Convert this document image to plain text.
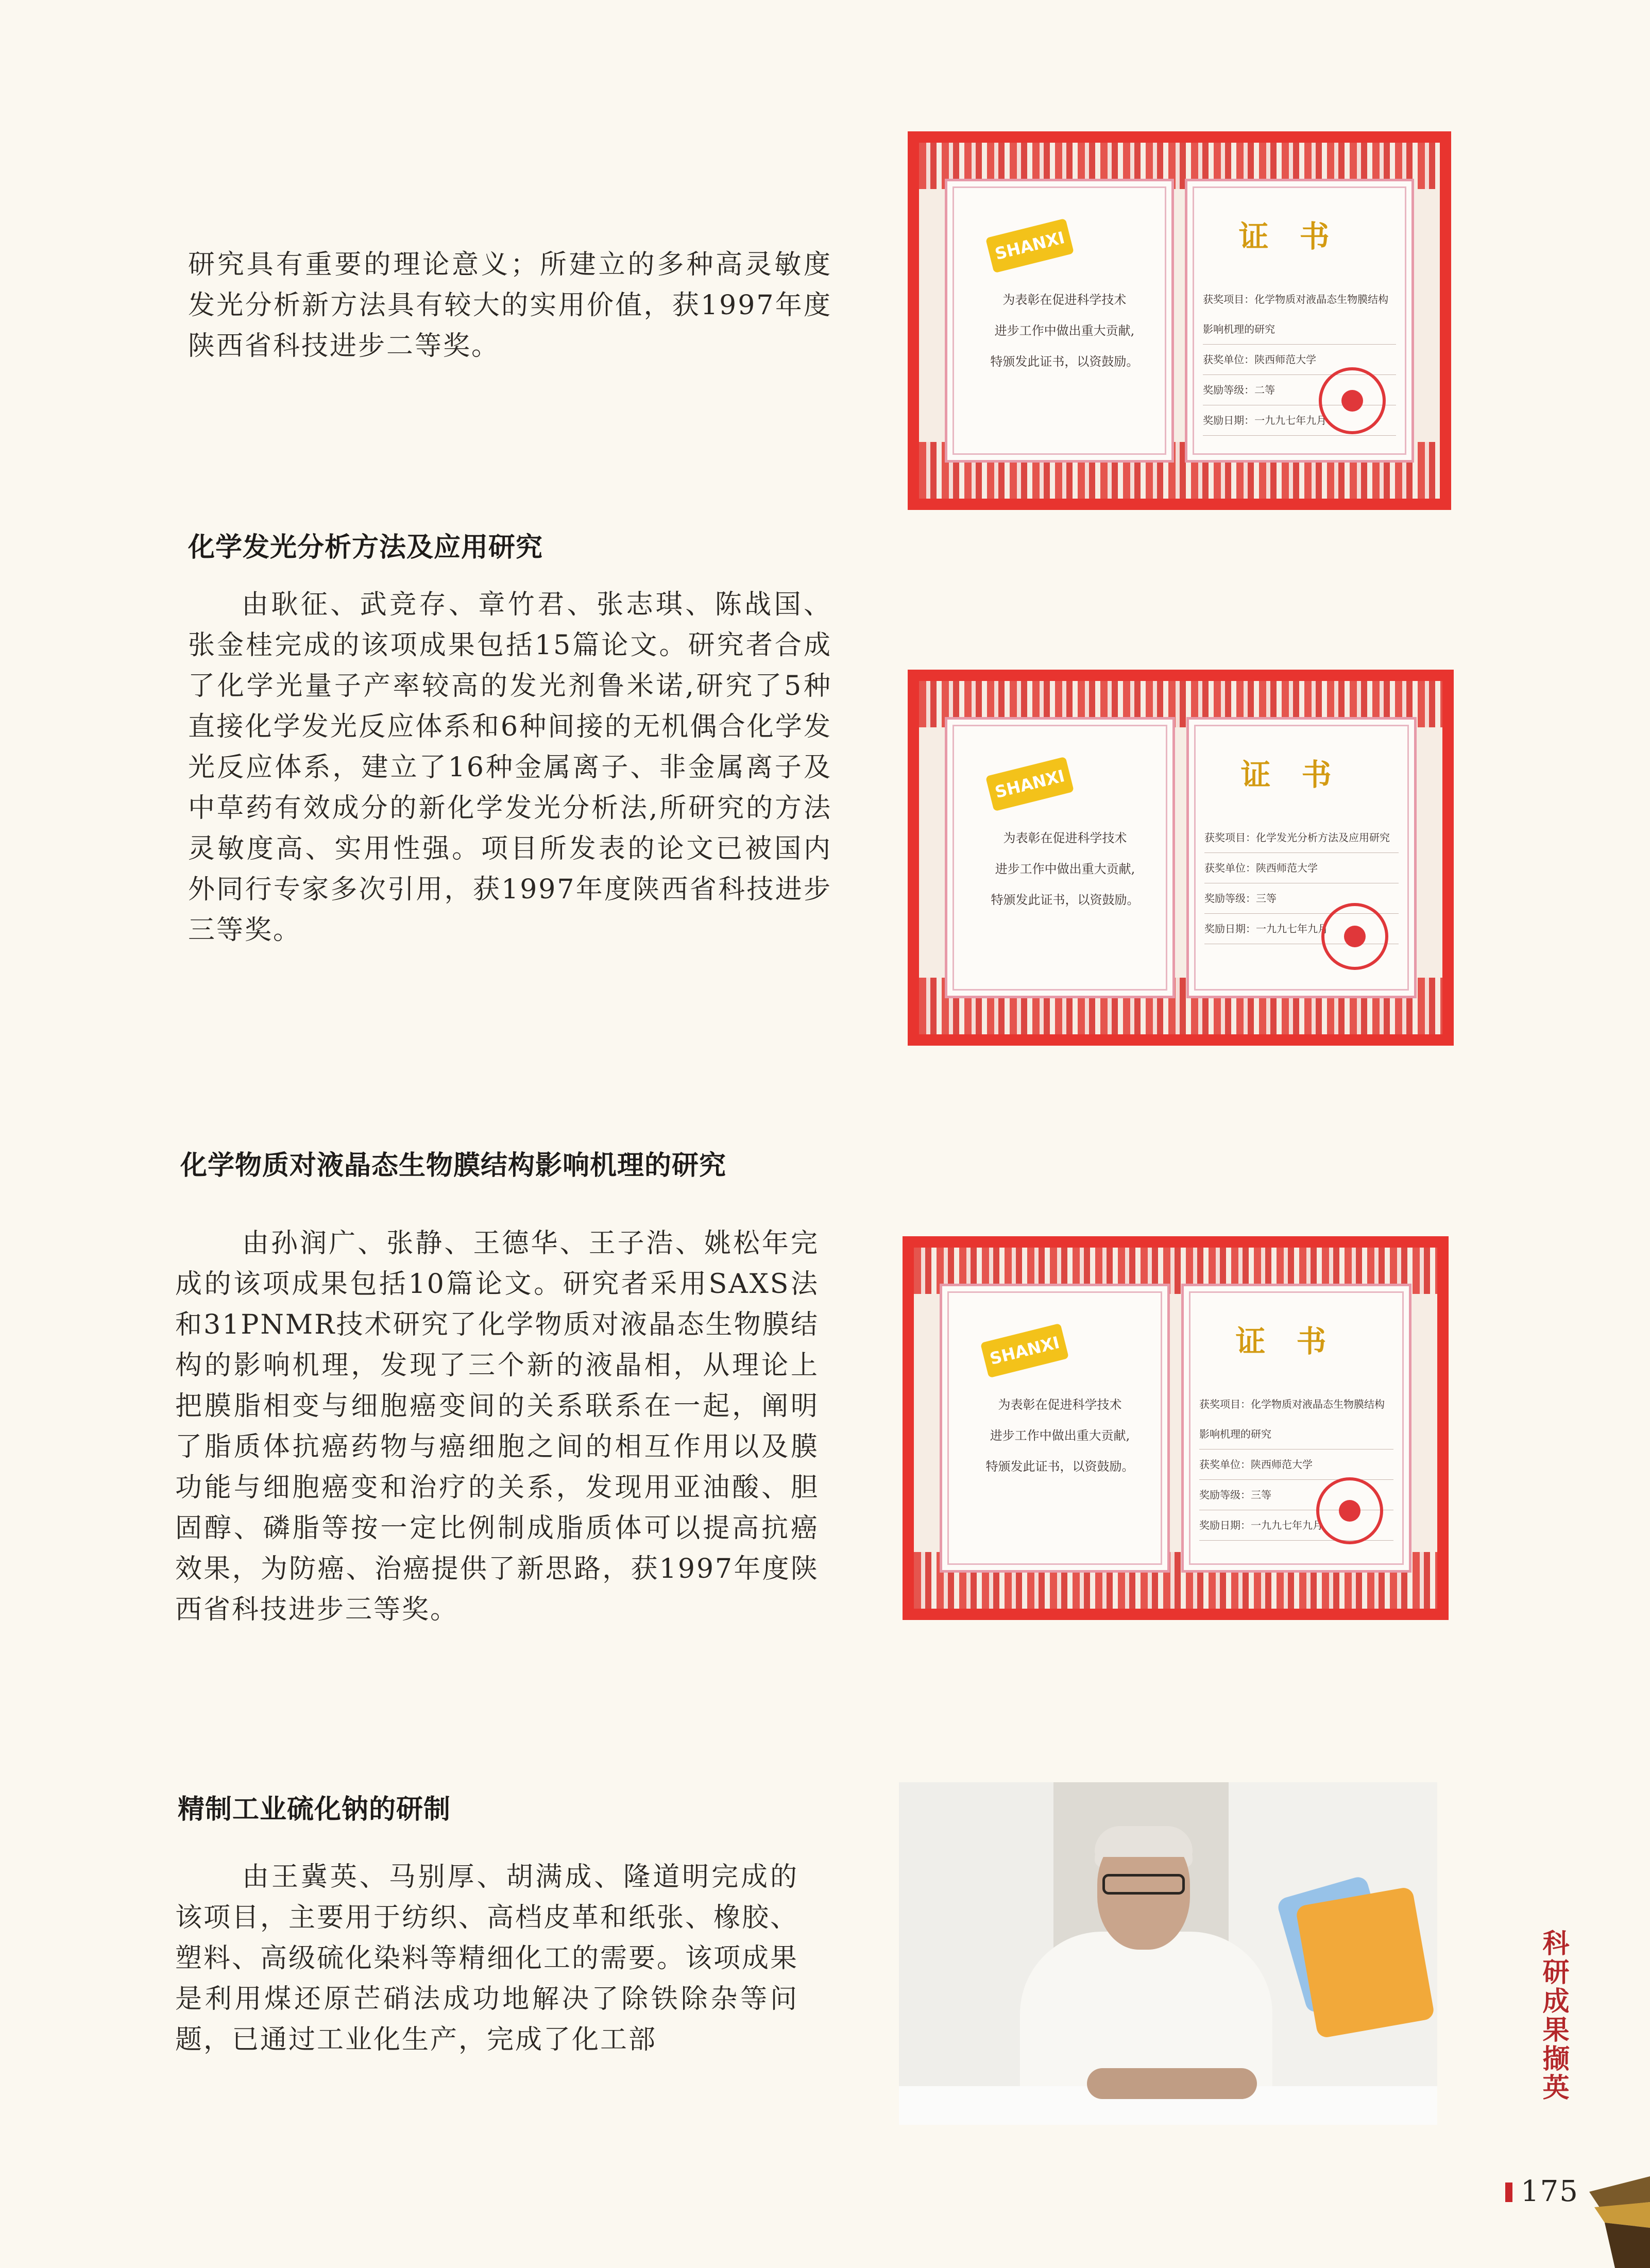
研究具有重要的理论意义；所建立的多种高灵敏度发光分析新方法具有较大的实用价值，获1997年度陕西省科技进步二等奖。

SHANXI
为表彰在促进科学技术
进步工作中做出重大贡献,
特颁发此证书，以资鼓励。
证书
获奖项目：化学物质对液晶态生物膜结构影响机理的研究
获奖单位：陕西师范大学
奖励等级：二等
奖励日期：一九九七年九月
化学发光分析方法及应用研究

由耿征、武竞存、章竹君、张志琪、陈战国、张金桂完成的该项成果包括15篇论文。研究者合成了化学光量子产率较高的发光剂鲁米诺,研究了5种直接化学发光反应体系和6种间接的无机偶合化学发光反应体系，建立了16种金属离子、非金属离子及中草药有效成分的新化学发光分析法,所研究的方法灵敏度高、实用性强。项目所发表的论文已被国内外同行专家多次引用，获1997年度陕西省科技进步三等奖。

SHANXI
为表彰在促进科学技术
进步工作中做出重大贡献,
特颁发此证书，以资鼓励。
证书
获奖项目：化学发光分析方法及应用研究
获奖单位：陕西师范大学
奖励等级：三等
奖励日期：一九九七年九月
化学物质对液晶态生物膜结构影响机理的研究

由孙润广、张静、王德华、王子浩、姚松年完成的该项成果包括10篇论文。研究者采用SAXS法和31PNMR技术研究了化学物质对液晶态生物膜结构的影响机理，发现了三个新的液晶相，从理论上把膜脂相变与细胞癌变间的关系联系在一起，阐明了脂质体抗癌药物与癌细胞之间的相互作用以及膜功能与细胞癌变和治疗的关系，发现用亚油酸、胆固醇、磷脂等按一定比例制成脂质体可以提高抗癌效果，为防癌、治癌提供了新思路，获1997年度陕西省科技进步三等奖。

SHANXI
为表彰在促进科学技术
进步工作中做出重大贡献,
特颁发此证书，以资鼓励。
证书
获奖项目：化学物质对液晶态生物膜结构影响机理的研究
获奖单位：陕西师范大学
奖励等级：三等
奖励日期：一九九七年九月
精制工业硫化钠的研制

由王冀英、马别厚、胡满成、隆道明完成的该项目，主要用于纺织、高档皮革和纸张、橡胶、塑料、高级硫化染料等精细化工的需要。该项成果是利用煤还原芒硝法成功地解决了除铁除杂等问题，已通过工业化生产，完成了化工部	科研成果撷英
175
